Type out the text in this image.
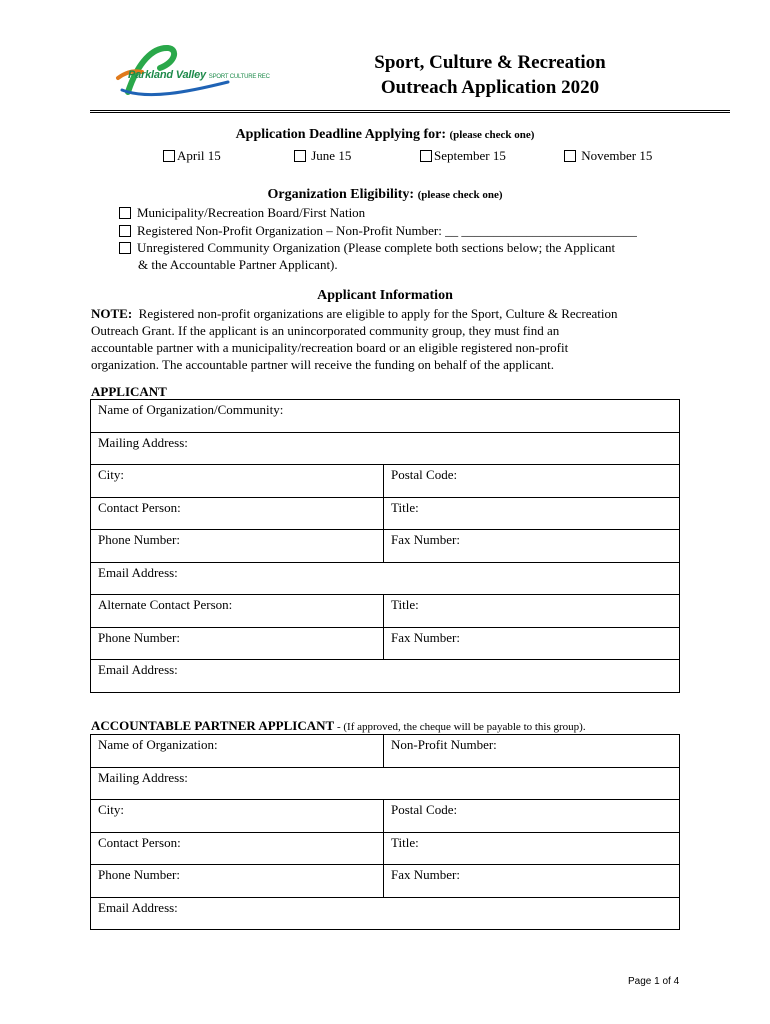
Parkland Valley SPORT CULTURE REC
Sport, Culture & Recreation
Outreach Application 2020
Application Deadline Applying for: (please check one)
April 15	June 15	September 15	November 15
Organization Eligibility: (please check one)
Municipality/Recreation Board/First Nation
Registered Non-Profit Organization – Non-Profit Number: __ ___________________________
Unregistered Community Organization (Please complete both sections below; the Applicant
& the Accountable Partner Applicant).
Applicant Information
NOTE: Registered non-profit organizations are eligible to apply for the Sport, Culture & Recreation
Outreach Grant. If the applicant is an unincorporated community group, they must find an
accountable partner with a municipality/recreation board or an eligible registered non-profit
organization. The accountable partner will receive the funding on behalf of the applicant.
APPLICANT
Name of Organization/Community:	
Mailing Address:	
City:	Postal Code:
Contact Person:	Title:
Phone Number:	Fax Number:
Email Address:	
Alternate Contact Person:	Title:
Phone Number:	Fax Number:
Email Address:	
ACCOUNTABLE PARTNER APPLICANT - (If approved, the cheque will be payable to this group).
Name of Organization:	Non-Profit Number:
Mailing Address:	
City:	Postal Code:
Contact Person:	Title:
Phone Number:	Fax Number:
Email Address:	
Page 1 of 4
